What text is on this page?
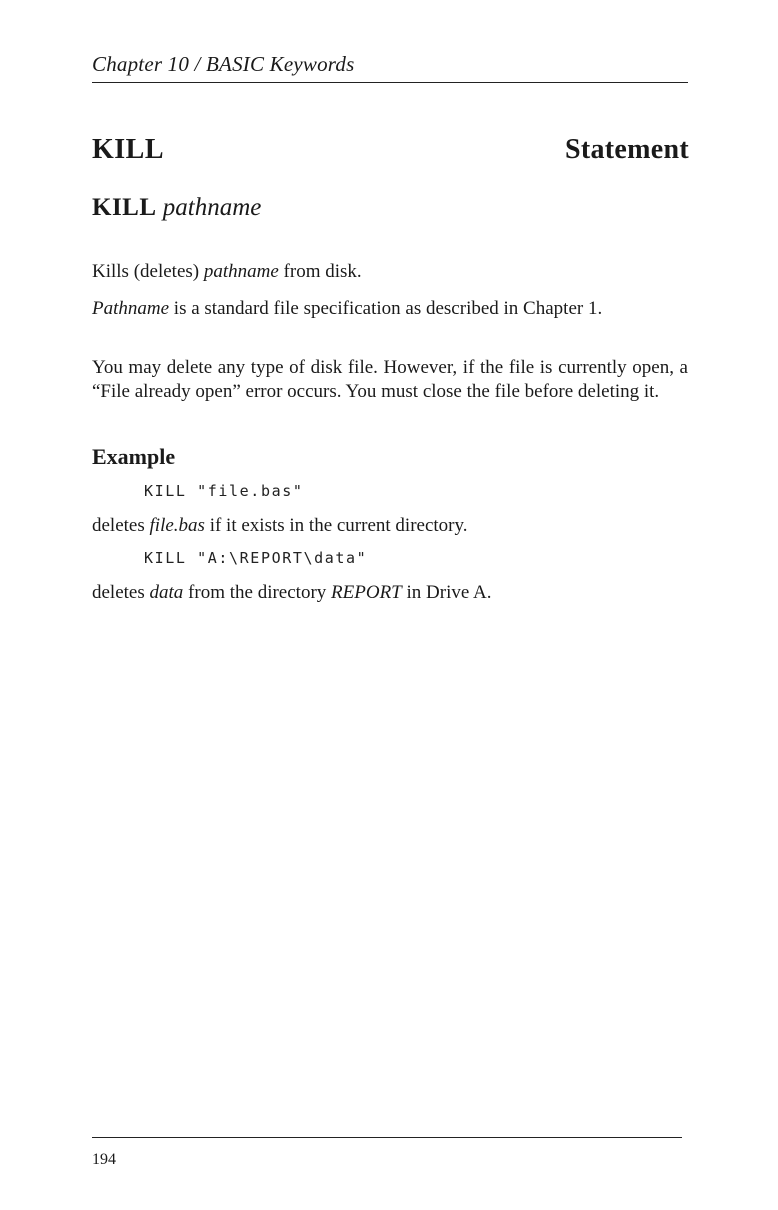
Chapter 10 / BASIC Keywords
KILL	Statement
KILL pathname
Kills (deletes) pathname from disk.
Pathname is a standard file specification as described in Chapter 1.
You may delete any type of disk file. However, if the file is currently open, a “File already open” error occurs. You must close the file before deleting it.
Example
KILL "file.bas"
deletes file.bas if it exists in the current directory.
KILL "A:\REPORT\data"
deletes data from the directory REPORT in Drive A.
194
